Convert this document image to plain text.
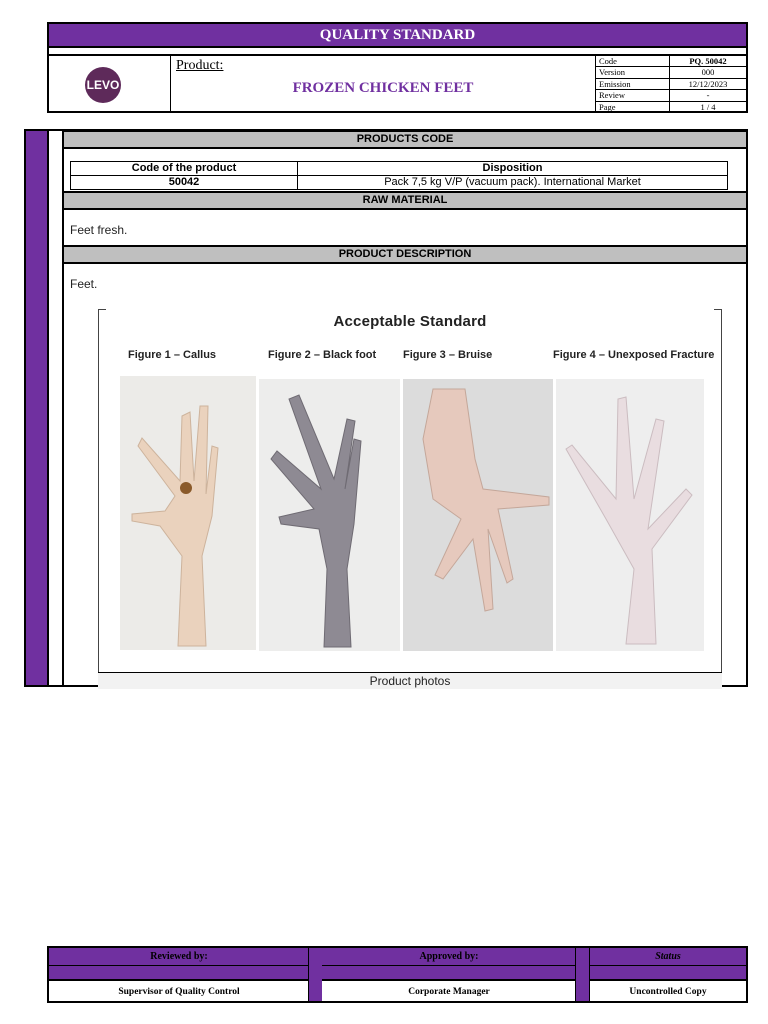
QUALITY STANDARD
LEVO
Product:
FROZEN CHICKEN FEET
Code	PQ. 50042
Version	000
Emission	12/12/2023
Review	-
Page	1 / 4
PRODUCTS CODE
Code of the product	Disposition
50042	Pack 7,5 kg V/P (vacuum pack). International Market
RAW MATERIAL
Feet fresh.
PRODUCT DESCRIPTION
Feet.
Acceptable Standard
Figure 1 – Callus	Figure 2 – Black foot Figure 3 – Bruise	Figure 4 – Unexposed Fracture
Product photos
Reviewed by:
Supervisor of Quality Control
Approved by:
Corporate Manager
Status
Uncontrolled Copy
